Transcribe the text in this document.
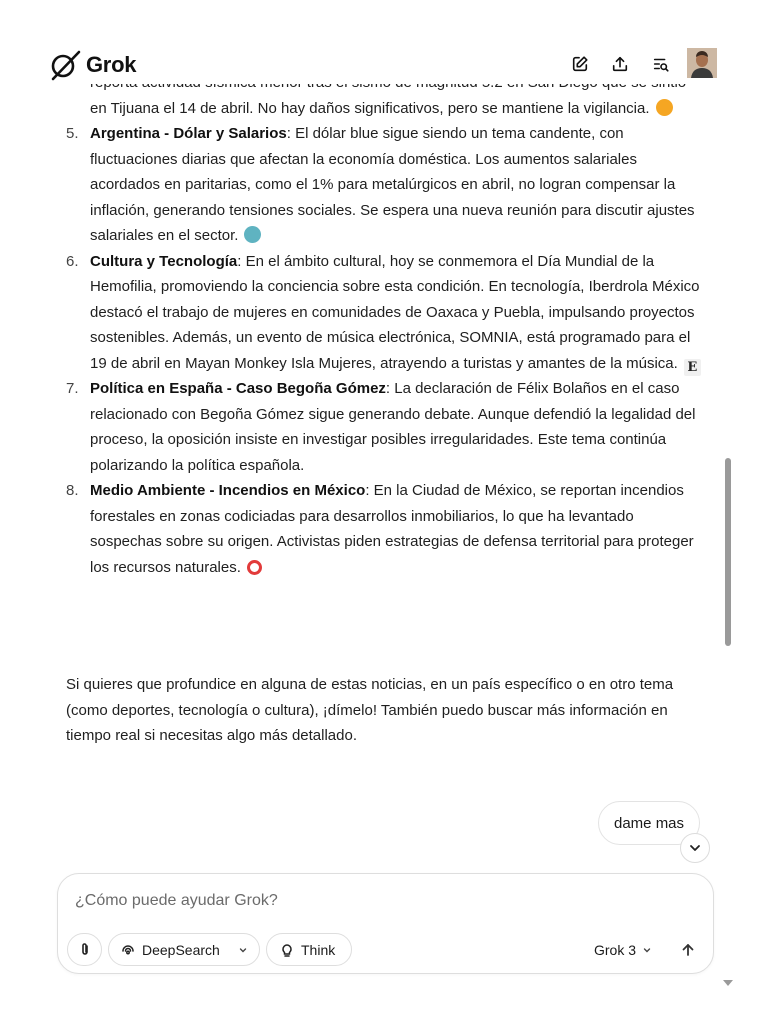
Grok
en Tijuana el 14 de abril. No hay daños significativos, pero se mantiene la vigilancia.
5. Argentina - Dólar y Salarios: El dólar blue sigue siendo un tema candente, con fluctuaciones diarias que afectan la economía doméstica. Los aumentos salariales acordados en paritarias, como el 1% para metalúrgicos en abril, no logran compensar la inflación, generando tensiones sociales. Se espera una nueva reunión para discutir ajustes salariales en el sector.
6. Cultura y Tecnología: En el ámbito cultural, hoy se conmemora el Día Mundial de la Hemofilia, promoviendo la conciencia sobre esta condición. En tecnología, Iberdrola México destacó el trabajo de mujeres en comunidades de Oaxaca y Puebla, impulsando proyectos sostenibles. Además, un evento de música electrónica, SOMNIA, está programado para el 19 de abril en Mayan Monkey Isla Mujeres, atrayendo a turistas y amantes de la música. E
7. Política en España - Caso Begoña Gómez: La declaración de Félix Bolaños en el caso relacionado con Begoña Gómez sigue generando debate. Aunque defendió la legalidad del proceso, la oposición insiste en investigar posibles irregularidades. Este tema continúa polarizando la política española.
8. Medio Ambiente - Incendios en México: En la Ciudad de México, se reportan incendios forestales en zonas codiciadas para desarrollos inmobiliarios, lo que ha levantado sospechas sobre su origen. Activistas piden estrategias de defensa territorial para proteger los recursos naturales.

Si quieres que profundice en alguna de estas noticias, en un país específico o en otro tema (como deportes, tecnología o cultura), ¡dímelo! También puedo buscar más información en tiempo real si necesitas algo más detallado.

dame mas
¿Cómo puede ayudar Grok?
DeepSearch	Think	Grok 3
